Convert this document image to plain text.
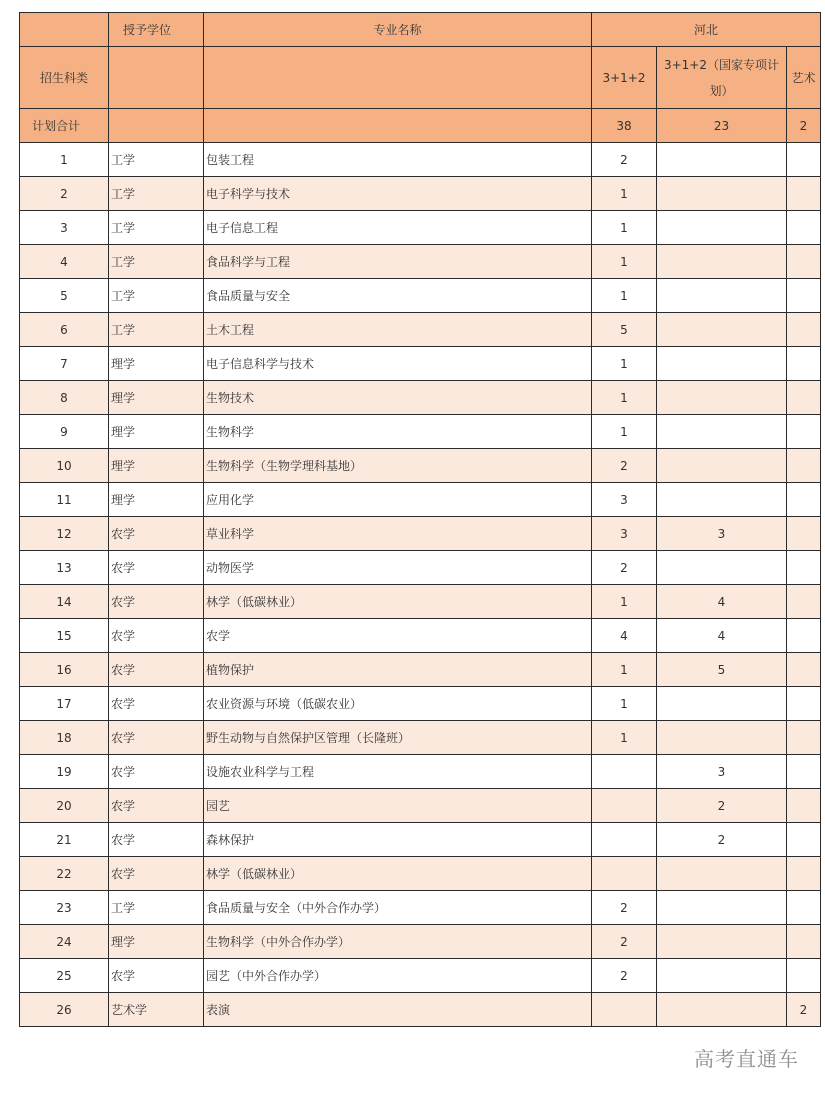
	授予学位	专业名称	河北		
招生科类			3+1+2	3+1+2（国家专项计划）	艺术
计划合计			38	23	2
1	工学	包装工程	2		
2	工学	电子科学与技术	1		
3	工学	电子信息工程	1		
4	工学	食品科学与工程	1		
5	工学	食品质量与安全	1		
6	工学	土木工程	5		
7	理学	电子信息科学与技术	1		
8	理学	生物技术	1		
9	理学	生物科学	1		
10	理学	生物科学（生物学理科基地）	2		
11	理学	应用化学	3		
12	农学	草业科学	3	3	
13	农学	动物医学	2		
14	农学	林学（低碳林业）	1	4	
15	农学	农学	4	4	
16	农学	植物保护	1	5	
17	农学	农业资源与环境（低碳农业）	1		
18	农学	野生动物与自然保护区管理（长隆班）	1		
19	农学	设施农业科学与工程		3	
20	农学	园艺		2	
21	农学	森林保护		2	
22	农学	林学（低碳林业）			
23	工学	食品质量与安全（中外合作办学）	2		
24	理学	生物科学（中外合作办学）	2		
25	农学	园艺（中外合作办学）	2		
26	艺术学	表演			2
高考直通车
